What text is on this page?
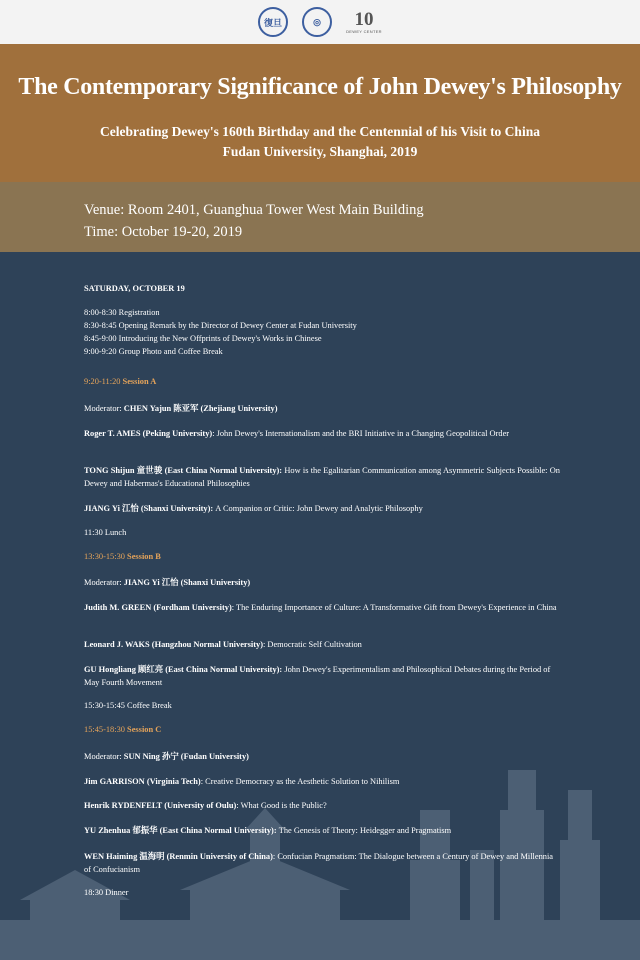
復旦	◎	10
DEWEY CENTER
The Contemporary Significance of John Dewey's Philosophy
Celebrating Dewey's 160th Birthday and the Centennial of his Visit to China
Fudan University, Shanghai, 2019
Venue: Room 2401, Guanghua Tower West Main Building
Time: October 19-20, 2019
SATURDAY, OCTOBER 19
8:00-8:30 Registration
8:30-8:45 Opening Remark by the Director of Dewey Center at Fudan University
8:45-9:00 Introducing the New Offprints of Dewey's Works in Chinese
9:00-9:20 Group Photo and Coffee Break
9:20-11:20 Session A
Moderator: CHEN Yajun 陈亚军 (Zhejiang University)
Roger T. AMES (Peking University): John Dewey's Internationalism and the BRI Initiative in a Changing Geopolitical Order
TONG Shijun 童世骏 (East China Normal University): How is the Egalitarian Communication among Asymmetric Subjects Possible: On Dewey and Habermas's Educational Philosophies
JIANG Yi 江怡 (Shanxi University): A Companion or Critic: John Dewey and Analytic Philosophy
11:30 Lunch
13:30-15:30 Session B
Moderator: JIANG Yi 江怡 (Shanxi University)
Judith M. GREEN (Fordham University): The Enduring Importance of Culture: A Transformative Gift from Dewey's Experience in China
Leonard J. WAKS (Hangzhou Normal University): Democratic Self Cultivation
GU Hongliang 顾红亮 (East China Normal University): John Dewey's Experimentalism and Philosophical Debates during the Period of May Fourth Movement
15:30-15:45 Coffee Break
15:45-18:30 Session C
Moderator: SUN Ning 孙宁 (Fudan University)
Jim GARRISON (Virginia Tech): Creative Democracy as the Aesthetic Solution to Nihilism
Henrik RYDENFELT (University of Oulu): What Good is the Public?
YU Zhenhua 郁振华 (East China Normal University): The Genesis of Theory: Heidegger and Pragmatism
WEN Haiming 温海明 (Renmin University of China): Confucian Pragmatism: The Dialogue between a Century of Dewey and Millennia of Confucianism
18:30 Dinner
